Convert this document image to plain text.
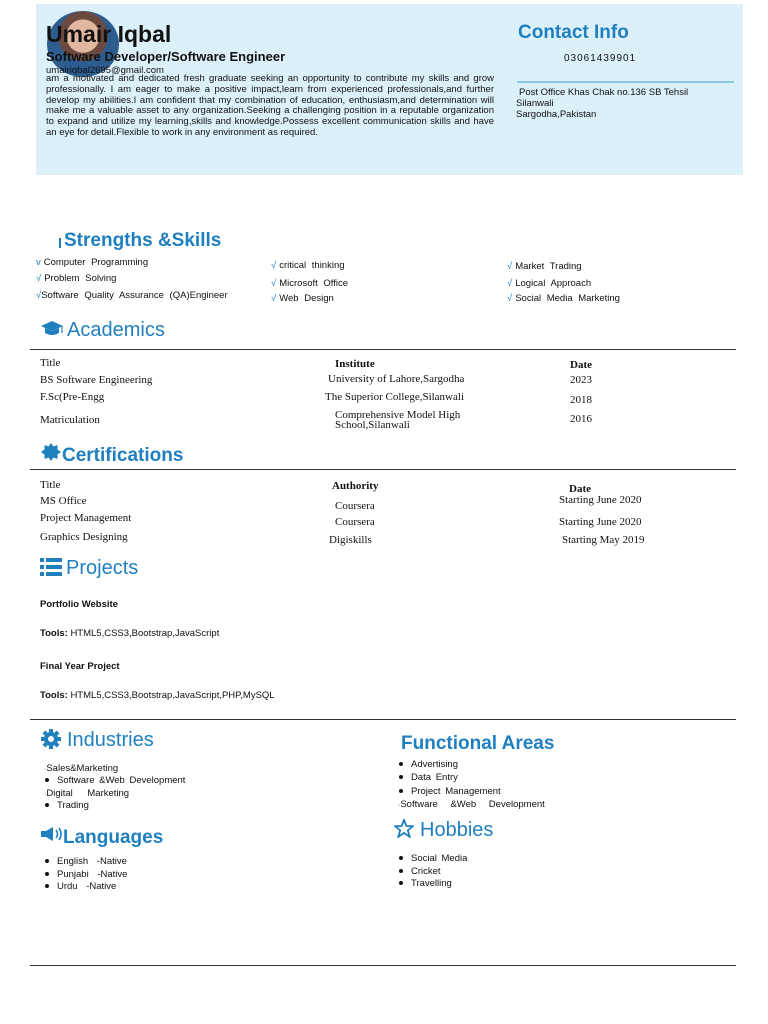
Umair Iqbal
Software Developer/Software Engineer
umairiqbal2695@gmail.com
am a motivated and dedicated fresh graduate seeking an opportunity to contribute my skills and grow professionally. I am eager to make a positive impact,learn from experienced professionals,and further develop my abilities.I am confident that my combination of education, enthusiasm,and determination will make me a valuable asset to any organization.Seeking a challenging position in a reputable organization to expand and utilize my learning,skills and knowledge.Possess excellent communication skills and have an eye for detail.Flexible to work in any environment as required.
Contact Info
03061439901
Post Office Khas Chak no.136 SB Tehsil Silanwali
Sargodha,Pakistan
Strengths &Skills
v Computer Programming
√ Problem Solving
√Software Quality Assurance (QA)Engineer
√ critical thinking
√ Microsoft Office
√ Web Design
√ Market Trading
√ Logical Approach
√ Social Media Marketing
Academics
Title	Institute	Date
BS Software Engineering	University of Lahore,Sargodha	2023
F.Sc(Pre-Engg	The Superior College,Silanwali	2018
Matriculation	Comprehensive Model High School,Silanwali	2016
Certifications
Title	Authority	Date
MS Office	Coursera	Starting June 2020
Project Management	Coursera	Starting June 2020
Graphics Designing	Digiskills	Starting May 2019
Projects
Portfolio Website
Tools: HTML5,CSS3,Bootstrap,JavaScript
Final Year Project
Tools: HTML5,CSS3,Bootstrap,JavaScript,PHP,MySQL
Industries
·Sales&Marketing
Software &Web Development
·Digital Marketing
Trading
Functional Areas
Advertising
Data Entry
Project Management
·Software &Web Development
Languages
English -Native
Punjabi -Native
Urdu -Native
Hobbies
Social Media
Cricket
Travelling
